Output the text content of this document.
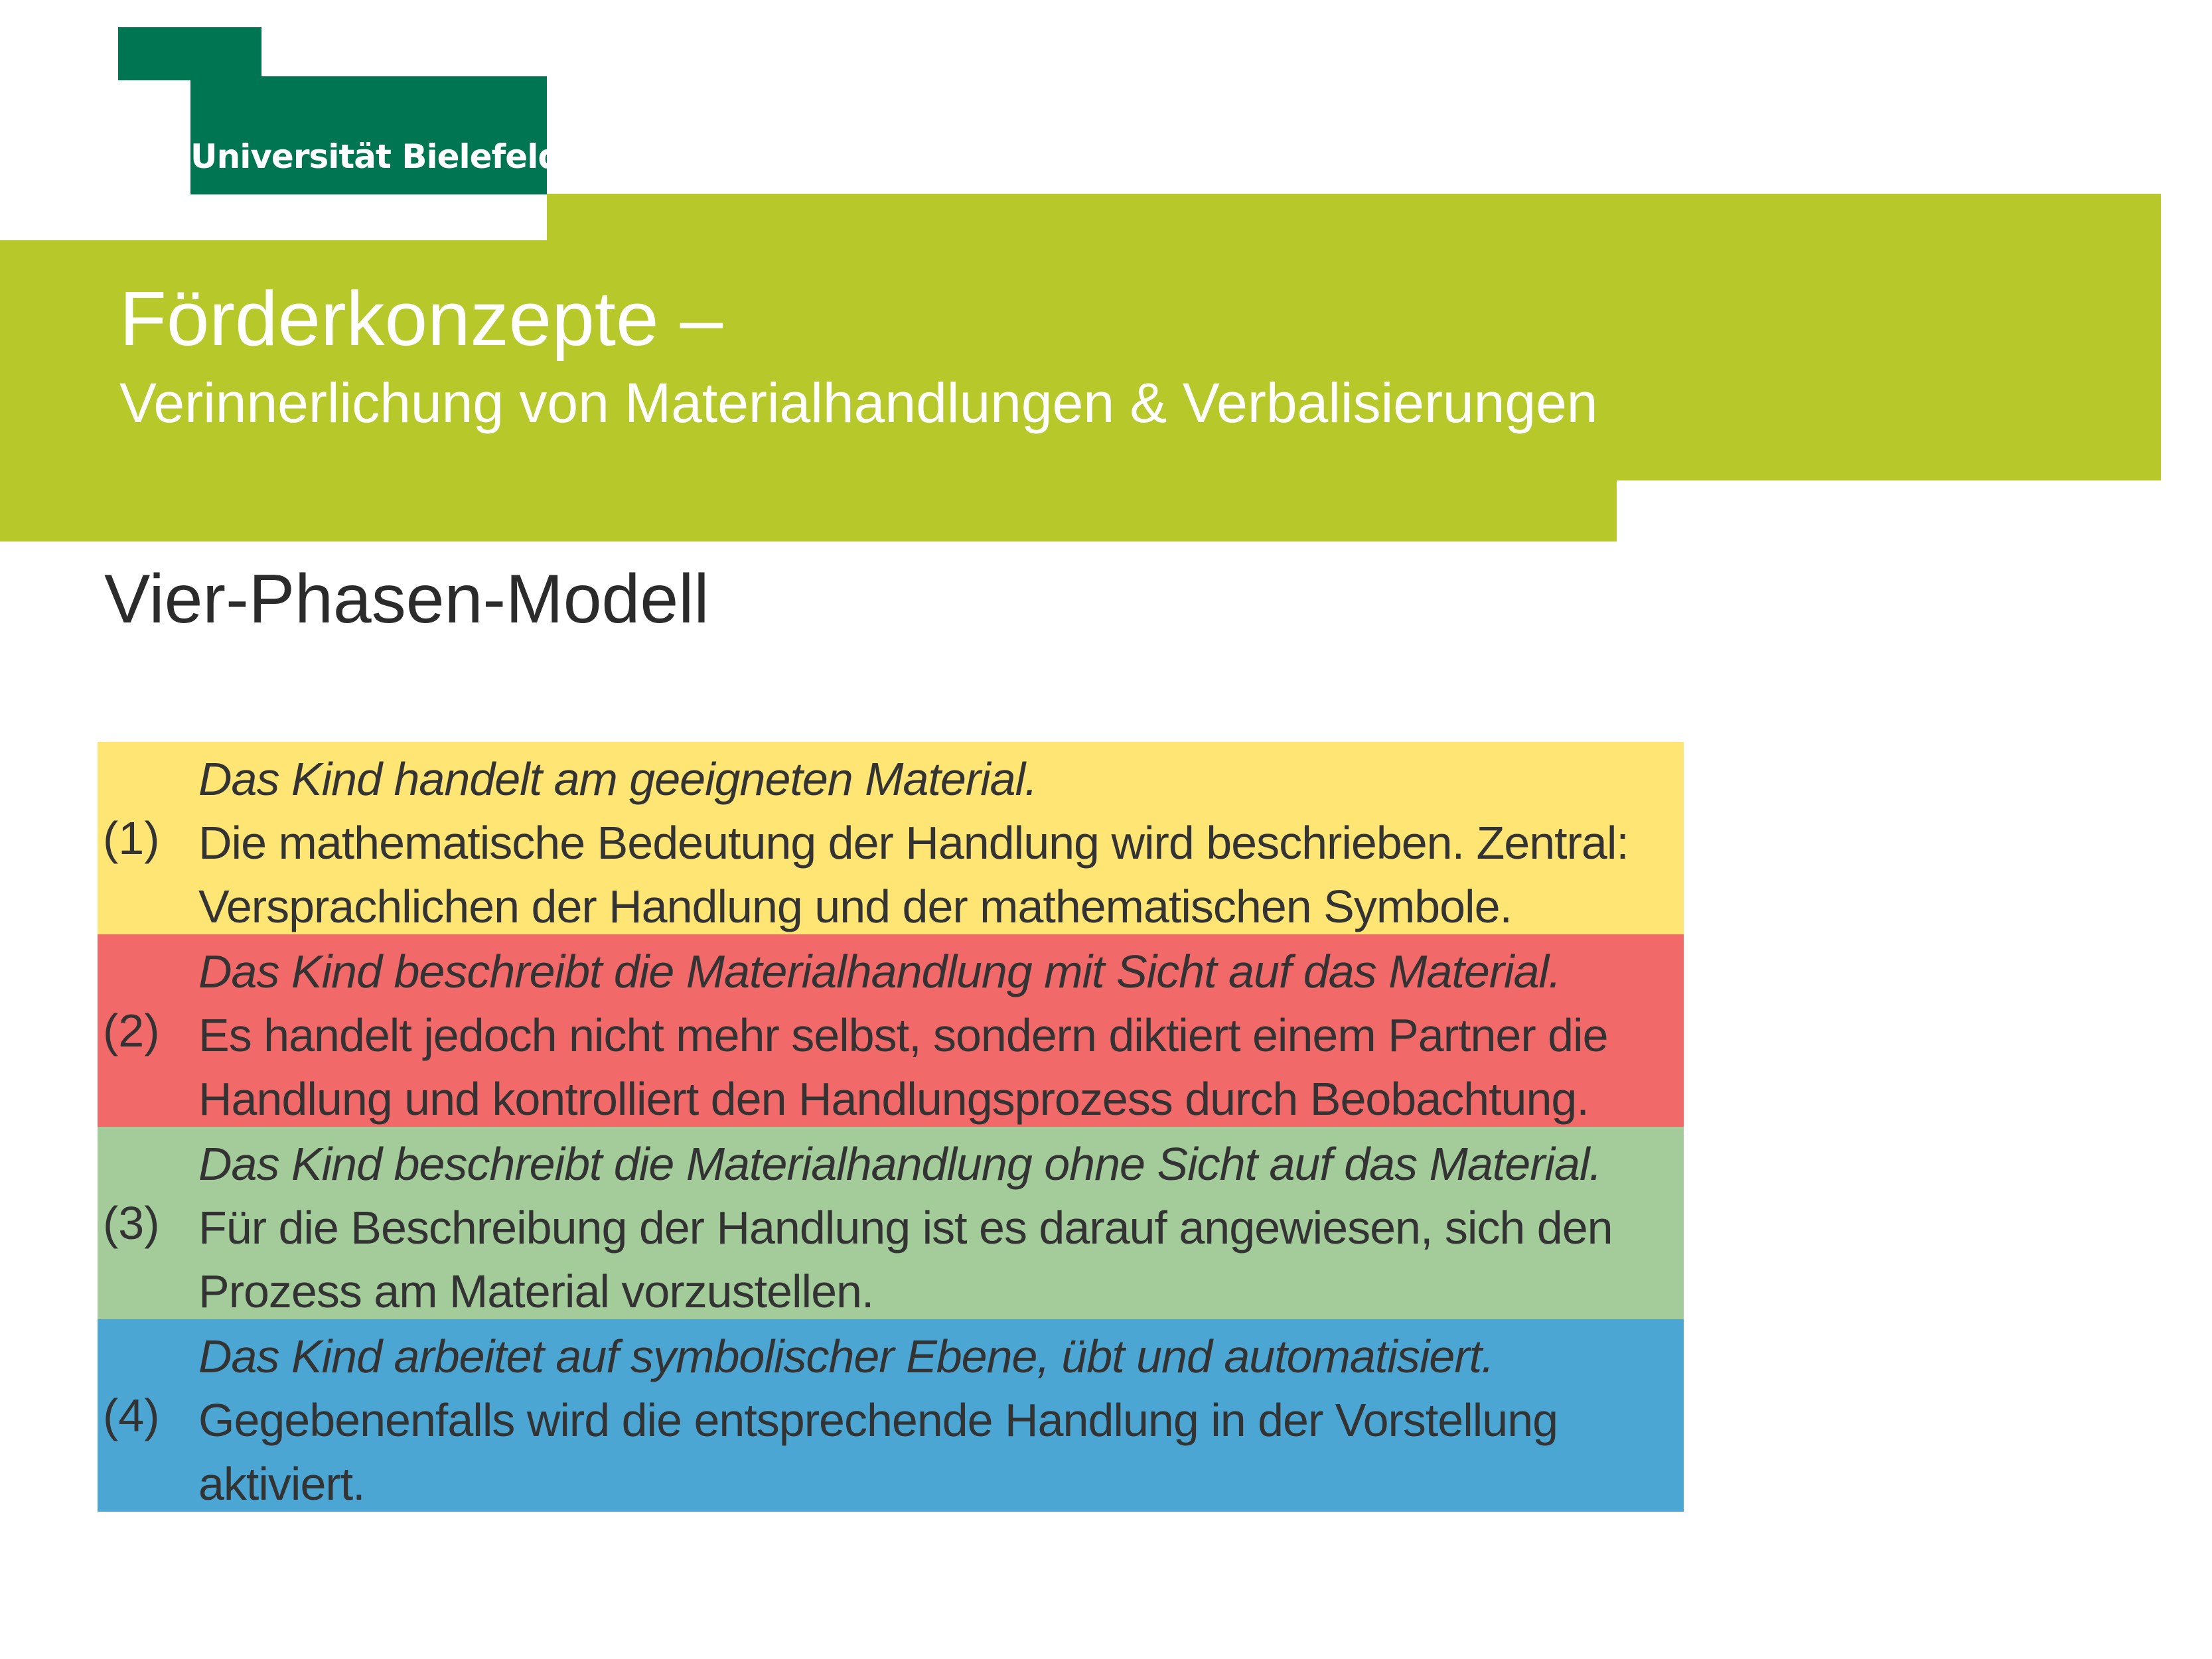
Universität Bielefeld
Förderkonzepte –
Verinnerlichung von Materialhandlungen & Verbalisierungen
Vier-Phasen-Modell
(1)
Das Kind handelt am geeigneten Material.
Die mathematische Bedeutung der Handlung wird beschrieben. Zentral: Versprachlichen der Handlung und der mathematischen Symbole.
(2)
Das Kind beschreibt die Materialhandlung mit Sicht auf das Material.
Es handelt jedoch nicht mehr selbst, sondern diktiert einem Partner die Handlung und kontrolliert den Handlungsprozess durch Beobachtung.
(3)
Das Kind beschreibt die Materialhandlung ohne Sicht auf das Material.
Für die Beschreibung der Handlung ist es darauf angewiesen, sich den Prozess am Material vorzustellen.
(4)
Das Kind arbeitet auf symbolischer Ebene, übt und automatisiert.
Gegebenenfalls wird die entsprechende Handlung in der Vorstellung aktiviert.
Wartha/ Schulz (2011), S. 11
